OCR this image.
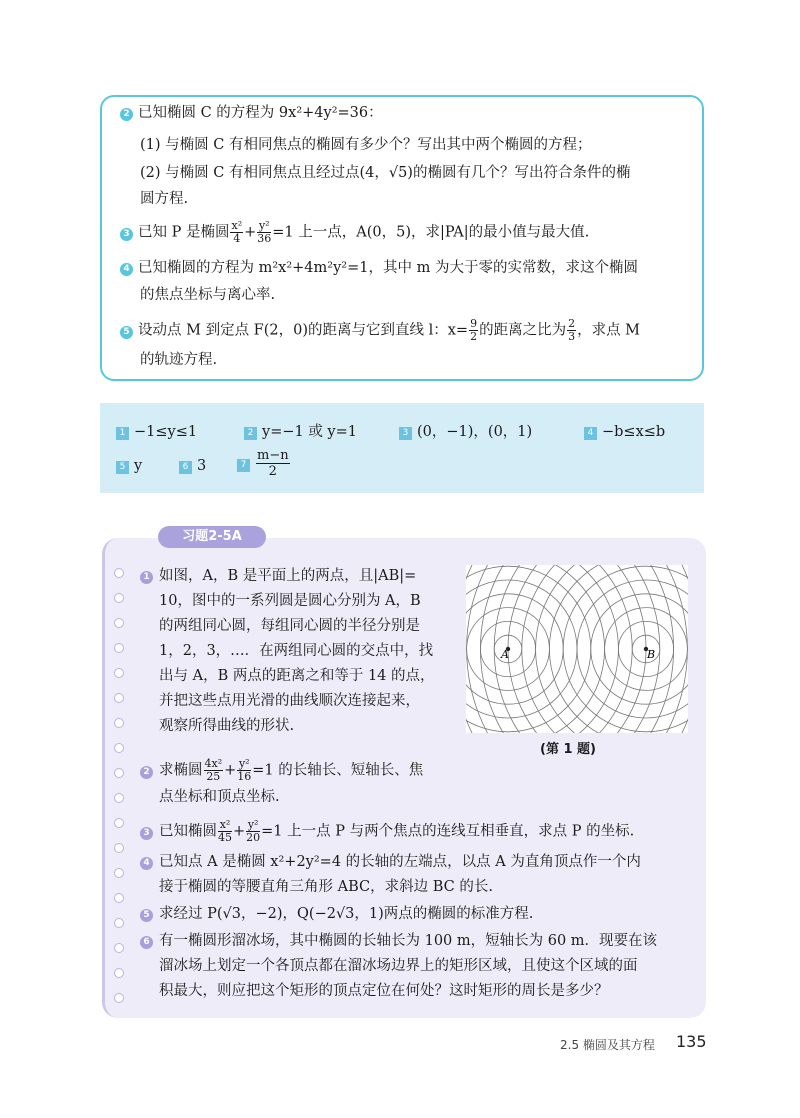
2 已知椭圆 C 的方程为 9x²+4y²=36：
(1) 与椭圆 C 有相同焦点的椭圆有多少个？写出其中两个椭圆的方程；
(2) 与椭圆 C 有相同焦点且经过点(4，√5)的椭圆有几个？写出符合条件的椭
圆方程.
3 已知 P 是椭圆 $\frac{\text{x²}}{4} + \frac{\text{y²}}{36} =1$ 上一点，A(0，5)，求|PA|的最小值与最大值.
4 已知椭圆的方程为 m²x²+4m²y²=1，其中 m 为大于零的实常数，求这个椭圆
的焦点坐标与离心率.
5 设动点 M 到定点 F(2，0)的距离与它到直线 l：$x= \frac{9}{2}$ 的距离之比为 $\frac{2}{3}$ ，求点 M
的轨迹方程.
1 −1≤y≤1	2 y=−1 或 y=1	3 (0，−1)，(0，1)	4 −b≤x≤b
5 y	6 3	$7 \frac{m-n}{2}$
习题2-5A
1 如图，A，B 是平面上的两点，且|AB|=
10，图中的一系列圆是圆心分别为 A，B
的两组同心圆，每组同心圆的半径分别是
1，2，3，…．在两组同心圆的交点中，找
出与 A，B 两点的距离之和等于 14 的点，
并把这些点用光滑的曲线顺次连接起来，
观察所得曲线的形状.
A	B
(第 1 题)
2 求椭圆 $\frac{\text{4x²}}{25} + \frac{\text{y²}}{16} =1$ 的长轴长、短轴长、焦
点坐标和顶点坐标.
3 已知椭圆 $\frac{\text{x²}}{45} + \frac{\text{y²}}{20} =1$ 上一点 P 与两个焦点的连线互相垂直，求点 P 的坐标.
4 已知点 A 是椭圆 x²+2y²=4 的长轴的左端点，以点 A 为直角顶点作一个内
接于椭圆的等腰直角三角形 ABC，求斜边 BC 的长.
5 求经过 P(√3，−2)，Q(−2√3，1)两点的椭圆的标准方程.
6 有一椭圆形溜冰场，其中椭圆的长轴长为 100 m，短轴长为 60 m．现要在该
溜冰场上划定一个各顶点都在溜冰场边界上的矩形区域，且使这个区域的面
积最大，则应把这个矩形的顶点定位在何处？这时矩形的周长是多少？
2.5 椭圆及其方程 135
